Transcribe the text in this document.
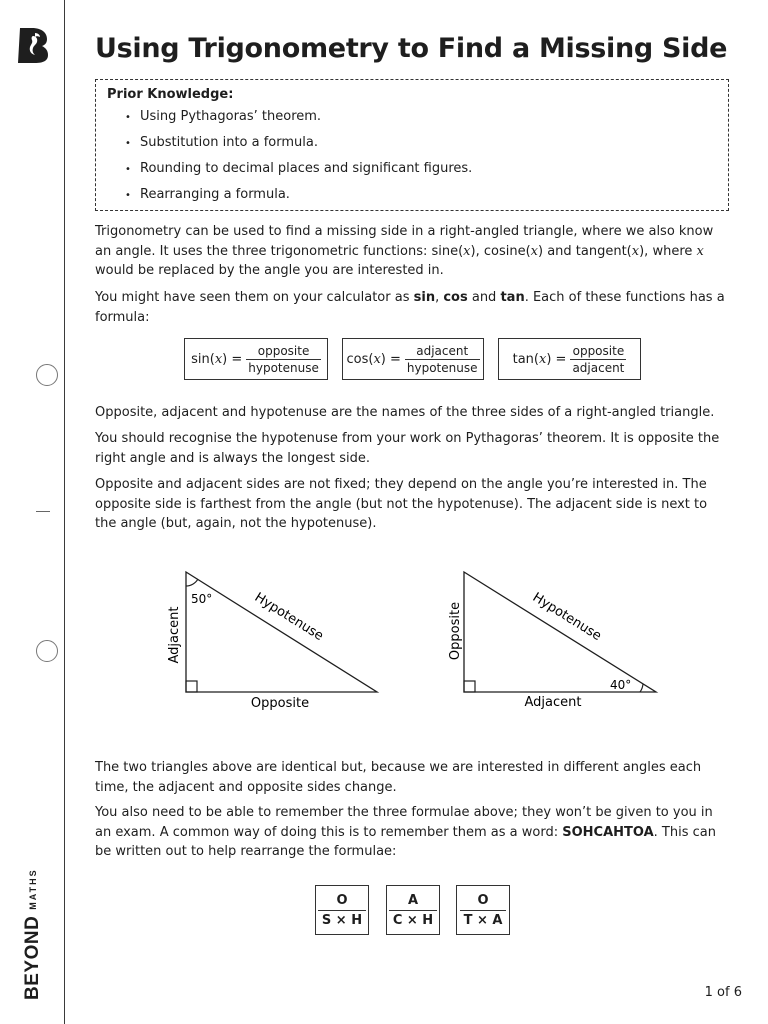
BEYOND
MATHS
Using Trigonometry to Find a Missing Side
Prior Knowledge:
• Using Pythagoras’ theorem.
• Substitution into a formula.
• Rounding to decimal places and significant figures.
• Rearranging a formula.

Trigonometry can be used to find a missing side in a right-angled triangle, where we also know an angle. It uses the three trigonometric functions: sine(x), cosine(x) and tangent(x), where x would be replaced by the angle you are interested in.

You might have seen them on your calculator as sin, cos and tan. Each of these functions has a formula:

sin( x ) = $\frac{\text{opposite}}{\text{hypotenuse}} \cos$( x ) = $\frac{\text{adjacent}}{\text{hypotenuse}}$	tan( x ) = $\frac{\text{opposite}}{\text{adjacent}}$

Opposite, adjacent and hypotenuse are the names of the three sides of a right-angled triangle.

You should recognise the hypotenuse from your work on Pythagoras’ theorem. It is opposite the right angle and is always the longest side.

Opposite and adjacent sides are not fixed; they depend on the angle you’re interested in. The opposite side is farthest from the angle (but not the hypotenuse). The adjacent side is next to the angle (but, again, not the hypotenuse).

50°
Adjacent
Opposite
Hypotenuse
40°
Opposite
Adjacent
Hypotenuse

The two triangles above are identical but, because we are interested in different angles each time, the adjacent and opposite sides change.

You also need to be able to remember the three formulae above; they won’t be given to you in an exam. A common way of doing this is to remember them as a word: SOHCAHTOA. This can be written out to help rearrange the formulae:

$\frac{O}{S \times H} \frac{A}{C \times H} \frac{O}{T \times A}$
1 of 6
